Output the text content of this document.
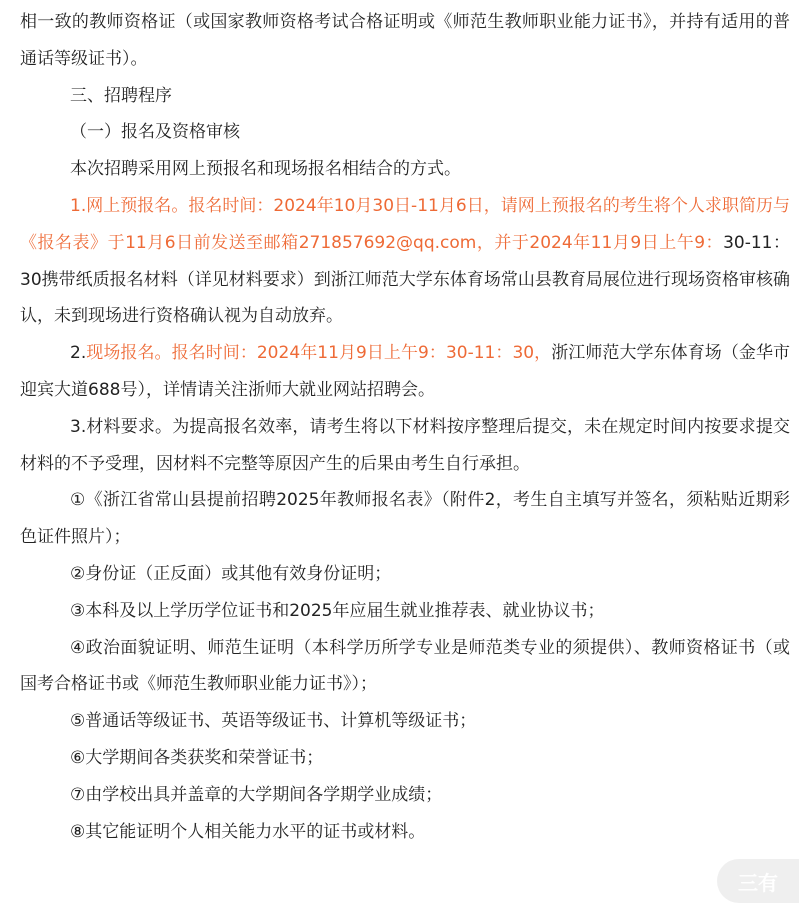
相一致的教师资格证（或国家教师资格考试合格证明或《师范生教师职业能力证书》，并持有适用的普通话等级证书）。

三、招聘程序

（一）报名及资格审核

本次招聘采用网上预报名和现场报名相结合的方式。

1.网上预报名。报名时间：2024年10月30日-11月6日，请网上预报名的考生将个人求职简历与《报名表》于11月6日前发送至邮箱271857692@qq.com，并于2024年11月9日上午9：30-11：30携带纸质报名材料（详见材料要求）到浙江师范大学东体育场常山县教育局展位进行现场资格审核确认，未到现场进行资格确认视为自动放弃。

2.现场报名。报名时间：2024年11月9日上午9：30-11：30，浙江师范大学东体育场（金华市迎宾大道688号），详情请关注浙师大就业网站招聘会。

3.材料要求。为提高报名效率，请考生将以下材料按序整理后提交，未在规定时间内按要求提交材料的不予受理，因材料不完整等原因产生的后果由考生自行承担。

①《浙江省常山县提前招聘2025年教师报名表》（附件2，考生自主填写并签名，须粘贴近期彩色证件照片）；

②身份证（正反面）或其他有效身份证明；

③本科及以上学历学位证书和2025年应届生就业推荐表、就业协议书；

④政治面貌证明、师范生证明（本科学历所学专业是师范类专业的须提供）、教师资格证书（或国考合格证书或《师范生教师职业能力证书》）；

⑤普通话等级证书、英语等级证书、计算机等级证书；

⑥大学期间各类获奖和荣誉证书；

⑦由学校出具并盖章的大学期间各学期学业成绩；

⑧其它能证明个人相关能力水平的证书或材料。

三有
